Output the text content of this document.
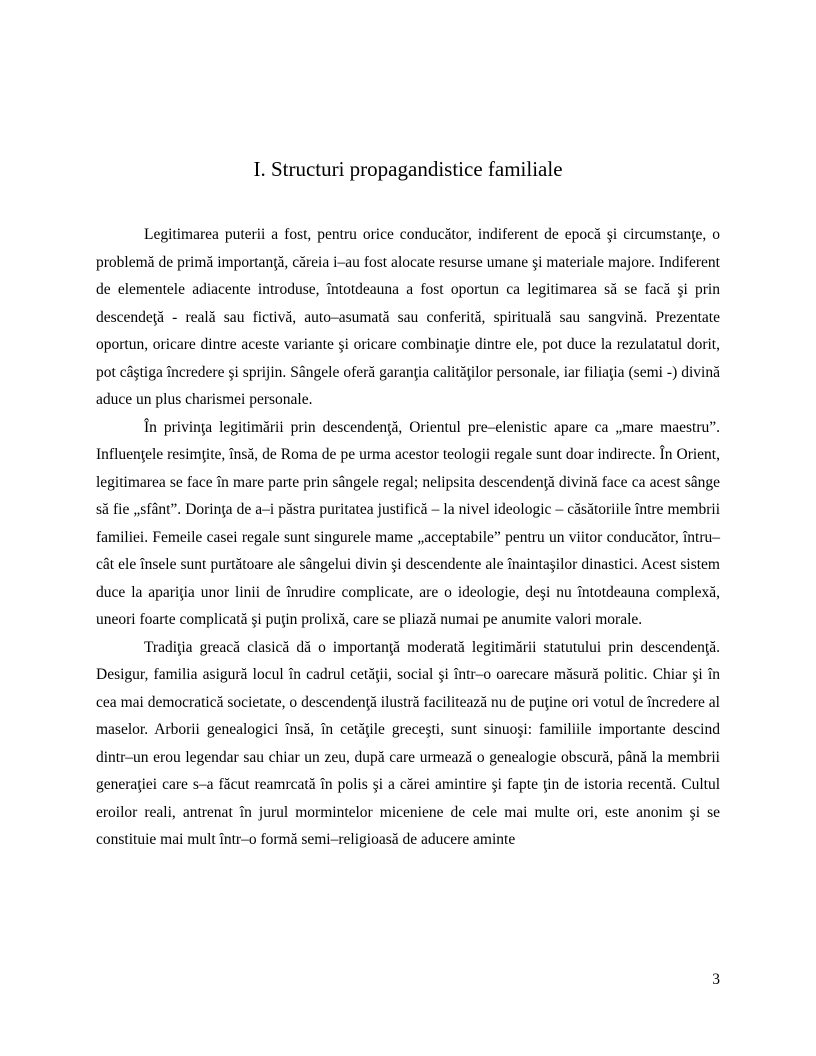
I. Structuri propagandistice familiale

Legitimarea puterii a fost, pentru orice conducător, indiferent de epocă şi circumstanţe, o problemă de primă importanţă, căreia i–au fost alocate resurse umane şi materiale majore. Indiferent de elementele adiacente introduse, întotdeauna a fost oportun ca legitimarea să se facă şi prin descendeţă - reală sau fictivă, auto–asumată sau conferită, spirituală sau sangvină. Prezentate oportun, oricare dintre aceste variante şi oricare combinaţie dintre ele, pot duce la rezulatatul dorit, pot câştiga încredere şi sprijin. Sângele oferă garanţia calităţilor personale, iar filiaţia (semi -) divină aduce un plus charismei personale.

În privinţa legitimării prin descendenţă, Orientul pre–elenistic apare ca „mare maestru”. Influenţele resimţite, însă, de Roma de pe urma acestor teologii regale sunt doar indirecte. În Orient, legitimarea se face în mare parte prin sângele regal; nelipsita descendenţă divină face ca acest sânge să fie „sfânt”. Dorinţa de a–i păstra puritatea justifică – la nivel ideologic – căsătoriile între membrii familiei. Femeile casei regale sunt singurele mame „acceptabile” pentru un viitor conducător, întru–cât ele însele sunt purtătoare ale sângelui divin şi descendente ale înaintaşilor dinastici. Acest sistem duce la apariţia unor linii de înrudire complicate, are o ideologie, deşi nu întotdeauna complexă, uneori foarte complicată şi puţin prolixă, care se pliază numai pe anumite valori morale.

Tradiţia greacă clasică dă o importanţă moderată legitimării statutului prin descendenţă. Desigur, familia asigură locul în cadrul cetăţii, social şi într–o oarecare măsură politic. Chiar şi în cea mai democratică societate, o descendenţă ilustră facilitează nu de puţine ori votul de încredere al maselor. Arborii genealogici însă, în cetăţile greceşti, sunt sinuoşi: familiile importante descind dintr–un erou legendar sau chiar un zeu, după care urmează o genealogie obscură, până la membrii generaţiei care s–a făcut reamrcată în polis şi a cărei amintire şi fapte ţin de istoria recentă. Cultul eroilor reali, antrenat în jurul mormintelor miceniene de cele mai multe ori, este anonim şi se constituie mai mult într–o formă semi–religioasă de aducere aminte

3
